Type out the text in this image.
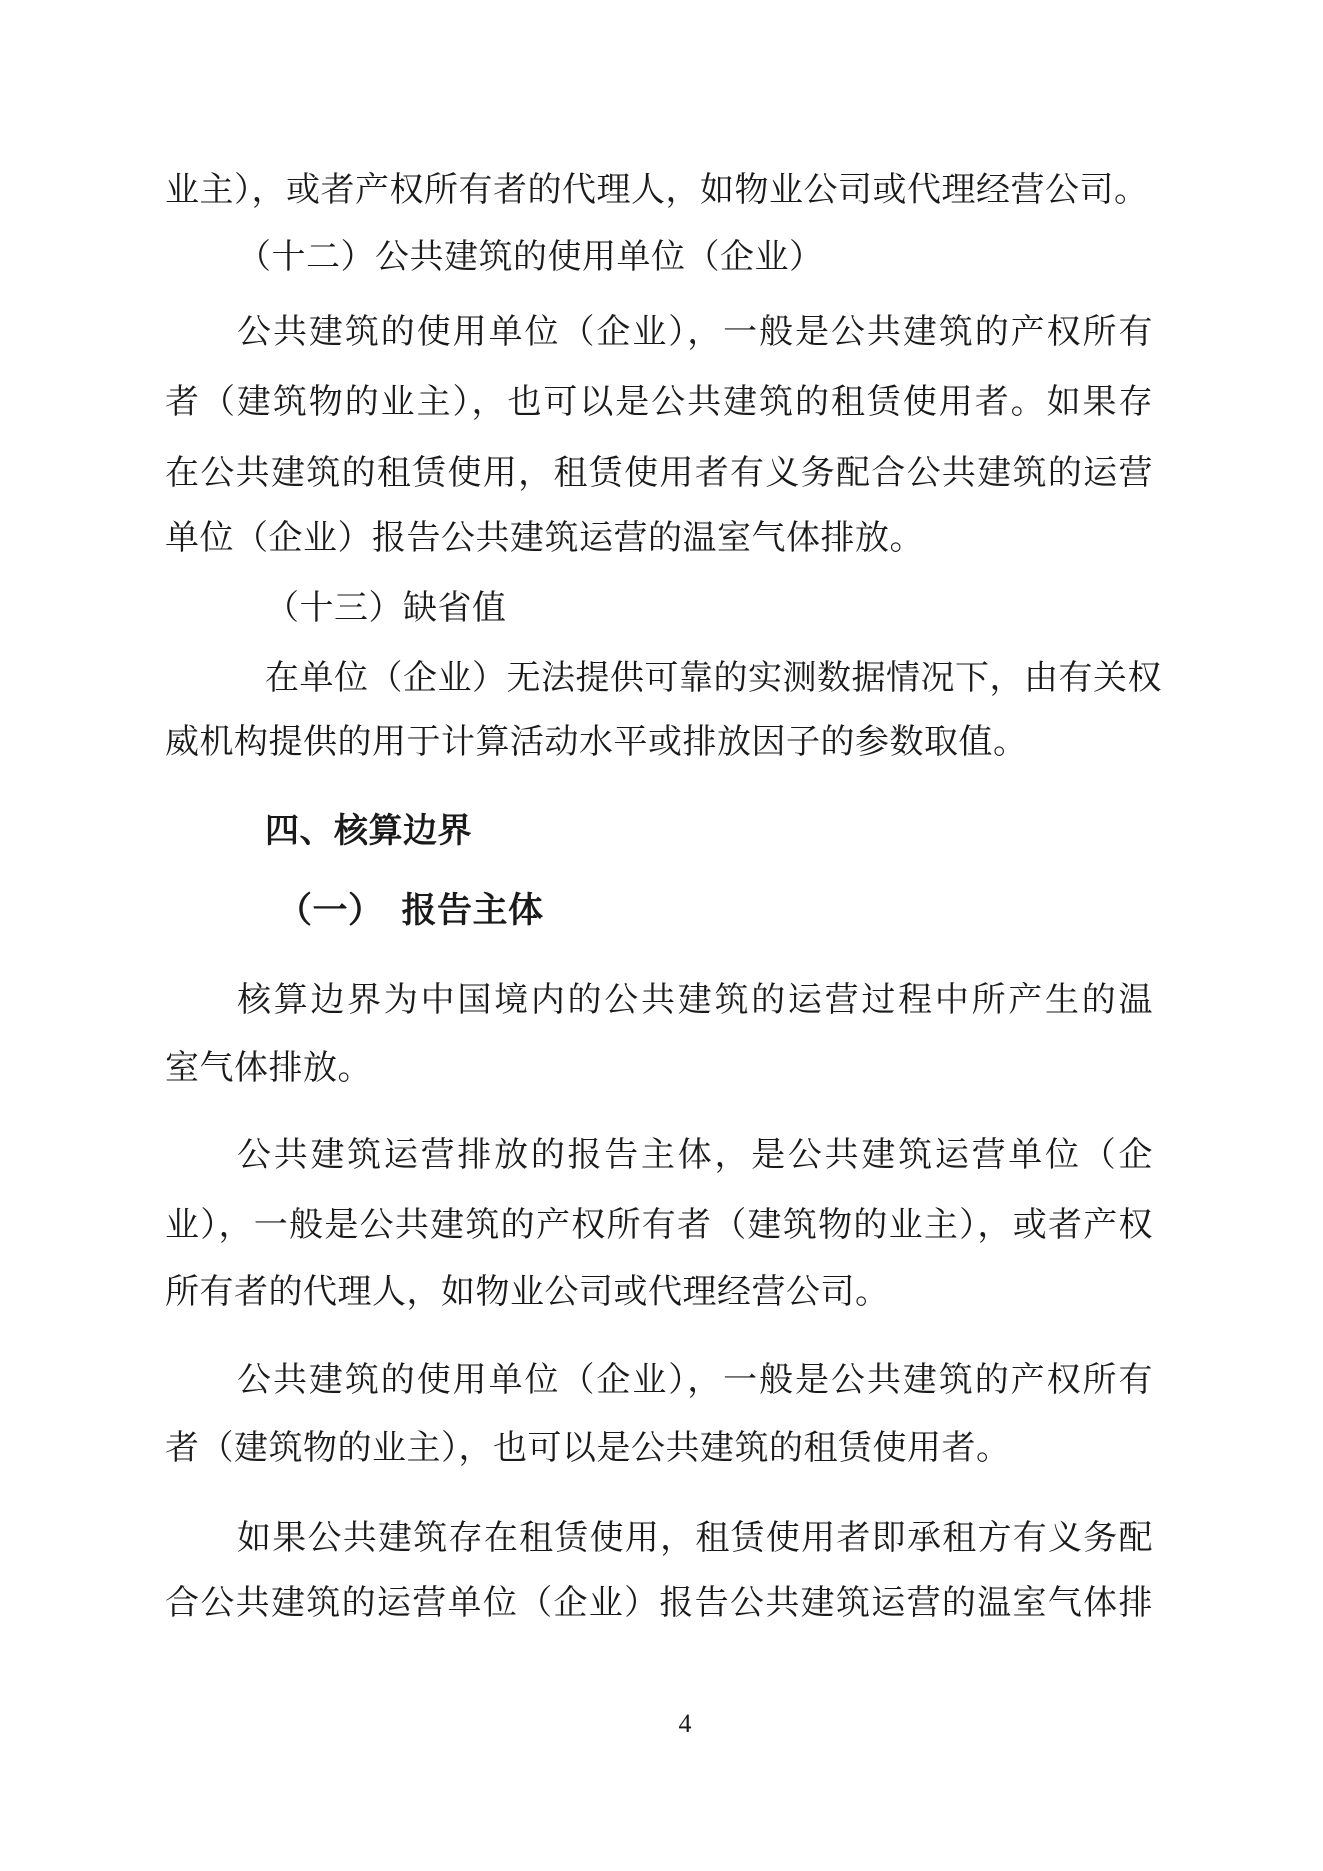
业主），或者产权所有者的代理人，如物业公司或代理经营公司。
（十二）公共建筑的使用单位（企业）
公共建筑的使用单位（企业），一般是公共建筑的产权所有
者（建筑物的业主），也可以是公共建筑的租赁使用者。如果存
在公共建筑的租赁使用，租赁使用者有义务配合公共建筑的运营
单位（企业）报告公共建筑运营的温室气体排放。
（十三）缺省值
在单位（企业）无法提供可靠的实测数据情况下，由有关权
威机构提供的用于计算活动水平或排放因子的参数取值。
四、核算边界
（一）　报告主体
核算边界为中国境内的公共建筑的运营过程中所产生的温
室气体排放。
公共建筑运营排放的报告主体，是公共建筑运营单位（企
业），一般是公共建筑的产权所有者（建筑物的业主），或者产权
所有者的代理人，如物业公司或代理经营公司。
公共建筑的使用单位（企业），一般是公共建筑的产权所有
者（建筑物的业主），也可以是公共建筑的租赁使用者。
如果公共建筑存在租赁使用，租赁使用者即承租方有义务配
合公共建筑的运营单位（企业）报告公共建筑运营的温室气体排
4
